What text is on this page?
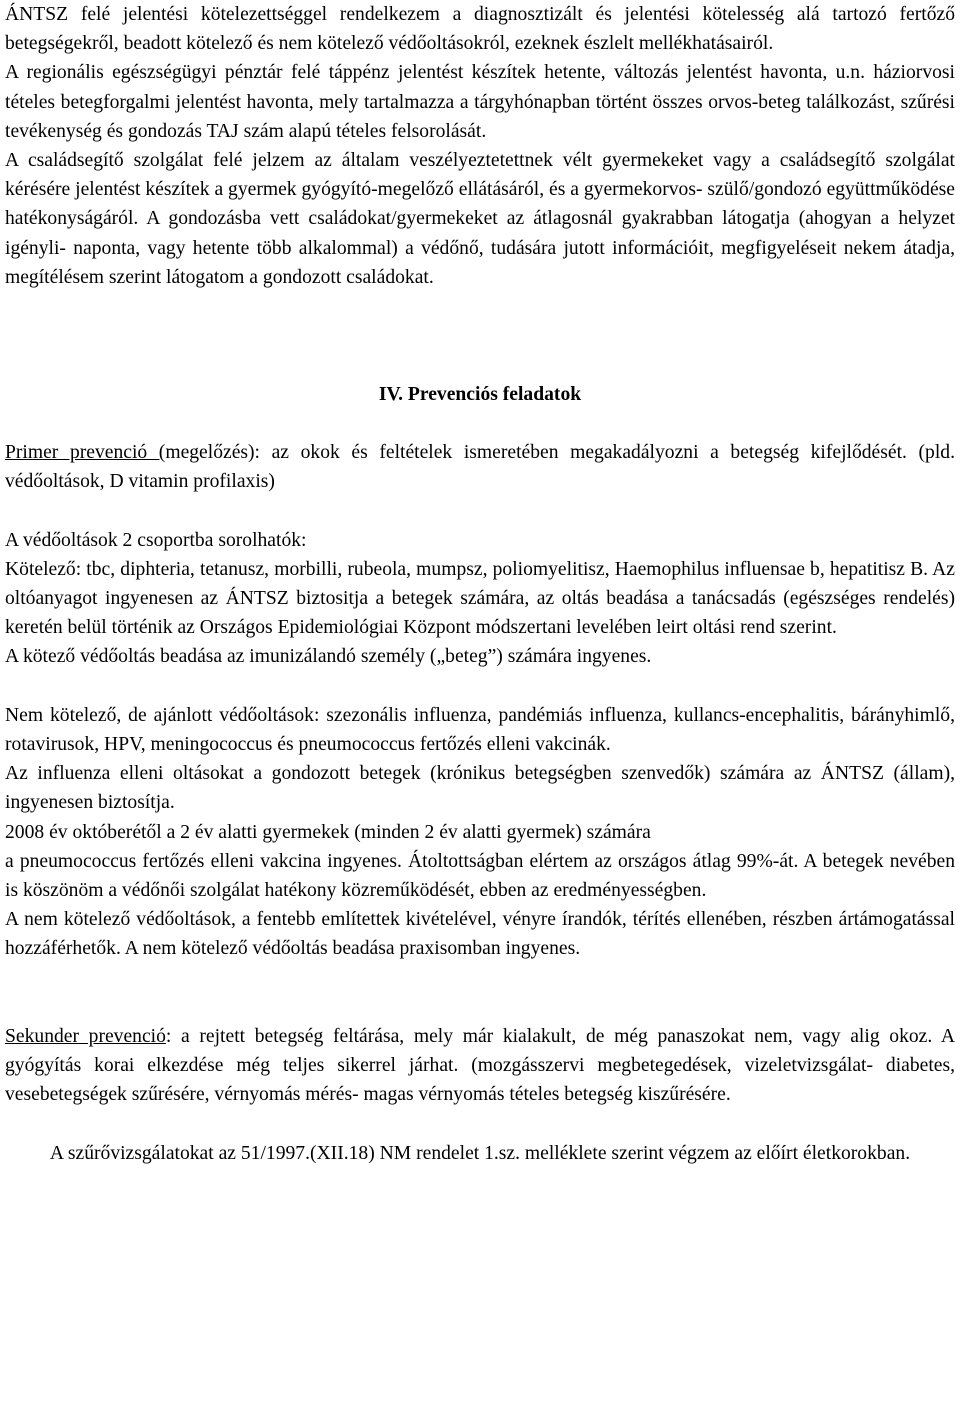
ÁNTSZ felé jelentési kötelezettséggel rendelkezem a diagnosztizált és jelentési kötelesség alá tartozó fertőző betegségekről, beadott kötelező és nem kötelező védőoltásokról, ezeknek észlelt mellékhatásairól.

A regionális egészségügyi pénztár felé táppénz jelentést készítek hetente, változás jelentést havonta, u.n. háziorvosi tételes betegforgalmi jelentést havonta, mely tartalmazza a tárgyhónapban történt összes orvos-beteg találkozást, szűrési tevékenység és gondozás TAJ szám alapú tételes felsorolását.

A családsegítő szolgálat felé jelzem az általam veszélyeztetettnek vélt gyermekeket vagy a családsegítő szolgálat kérésére jelentést készítek a gyermek gyógyító-megelőző ellátásáról, és a gyermekorvos- szülő/gondozó együttműködése hatékonyságáról. A gondozásba vett családokat/gyermekeket az átlagosnál gyakrabban látogatja (ahogyan a helyzet igényli- naponta, vagy hetente több alkalommal) a védőnő, tudására jutott információit, megfigyeléseit nekem átadja, megítélésem szerint látogatom a gondozott családokat.

IV. Prevenciós feladatok

Primer prevenció (megelőzés): az okok és feltételek ismeretében megakadályozni a betegség kifejlődését. (pld. védőoltások, D vitamin profilaxis)

A védőoltások 2 csoportba sorolhatók:

Kötelező: tbc, diphteria, tetanusz, morbilli, rubeola, mumpsz, poliomyelitisz, Haemophilus influensae b, hepatitisz B. Az oltóanyagot ingyenesen az ÁNTSZ biztositja a betegek számára, az oltás beadása a tanácsadás (egészséges rendelés) keretén belül történik az Országos Epidemiológiai Központ módszertani levelében leirt oltási rend szerint.

A kötező védőoltás beadása az imunizálandó személy („beteg”) számára ingyenes.

Nem kötelező, de ajánlott védőoltások: szezonális influenza, pandémiás influenza, kullancs-encephalitis, bárányhimlő, rotavirusok, HPV, meningococcus és pneumococcus fertőzés elleni vakcinák.

Az influenza elleni oltásokat a gondozott betegek (krónikus betegségben szenvedők) számára az ÁNTSZ (állam), ingyenesen biztosítja.

2008 év októberétől a 2 év alatti gyermekek (minden 2 év alatti gyermek) számára

a pneumococcus fertőzés elleni vakcina ingyenes. Átoltottságban elértem az országos átlag 99%-át. A betegek nevében is köszönöm a védőnői szolgálat hatékony közreműködését, ebben az eredményességben.

A nem kötelező védőoltások, a fentebb említettek kivételével, vényre írandók, térítés ellenében, részben ártámogatással hozzáférhetők. A nem kötelező védőoltás beadása praxisomban ingyenes.

Sekunder prevenció: a rejtett betegség feltárása, mely már kialakult, de még panaszokat nem, vagy alig okoz. A gyógyítás korai elkezdése még teljes sikerrel járhat. (mozgásszervi megbetegedések, vizeletvizsgálat- diabetes, vesebetegségek szűrésére, vérnyomás mérés- magas vérnyomás tételes betegség kiszűrésére.

A szűrővizsgálatokat az 51/1997.(XII.18) NM rendelet 1.sz. melléklete szerint végzem az előírt életkorokban.
